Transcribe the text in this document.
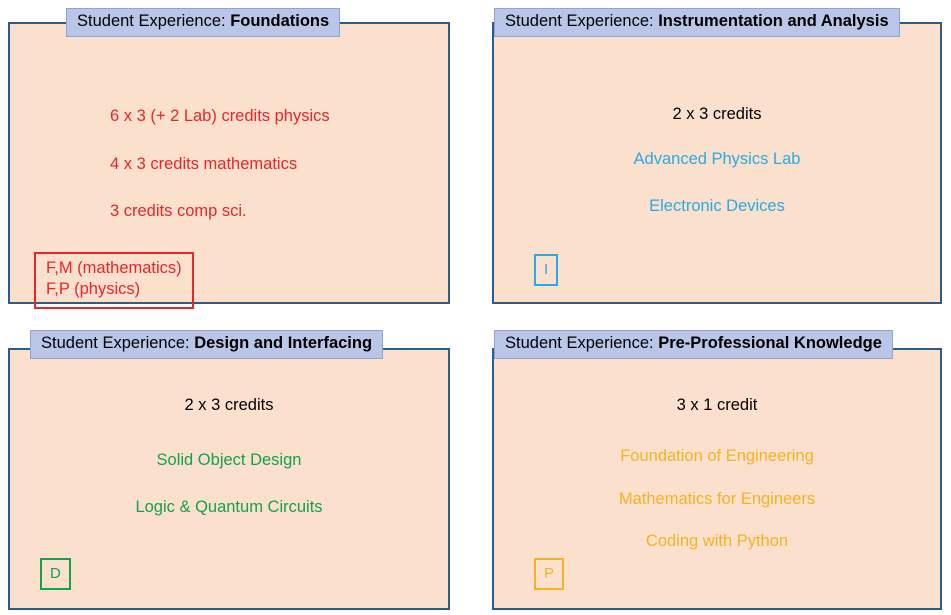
6 x 3 (+ 2 Lab) credits physics

4 x 3 credits mathematics

3 credits comp sci.

F,M (mathematics)
F,P (physics)
Student Experience: Foundations
2 x 3 credits

Advanced Physics Lab

Electronic Devices

I
Student Experience: Instrumentation and Analysis
2 x 3 credits

Solid Object Design

Logic & Quantum Circuits

D
Student Experience: Design and Interfacing
3 x 1 credit

Foundation of Engineering

Mathematics for Engineers

Coding with Python

P
Student Experience: Pre-Professional Knowledge
